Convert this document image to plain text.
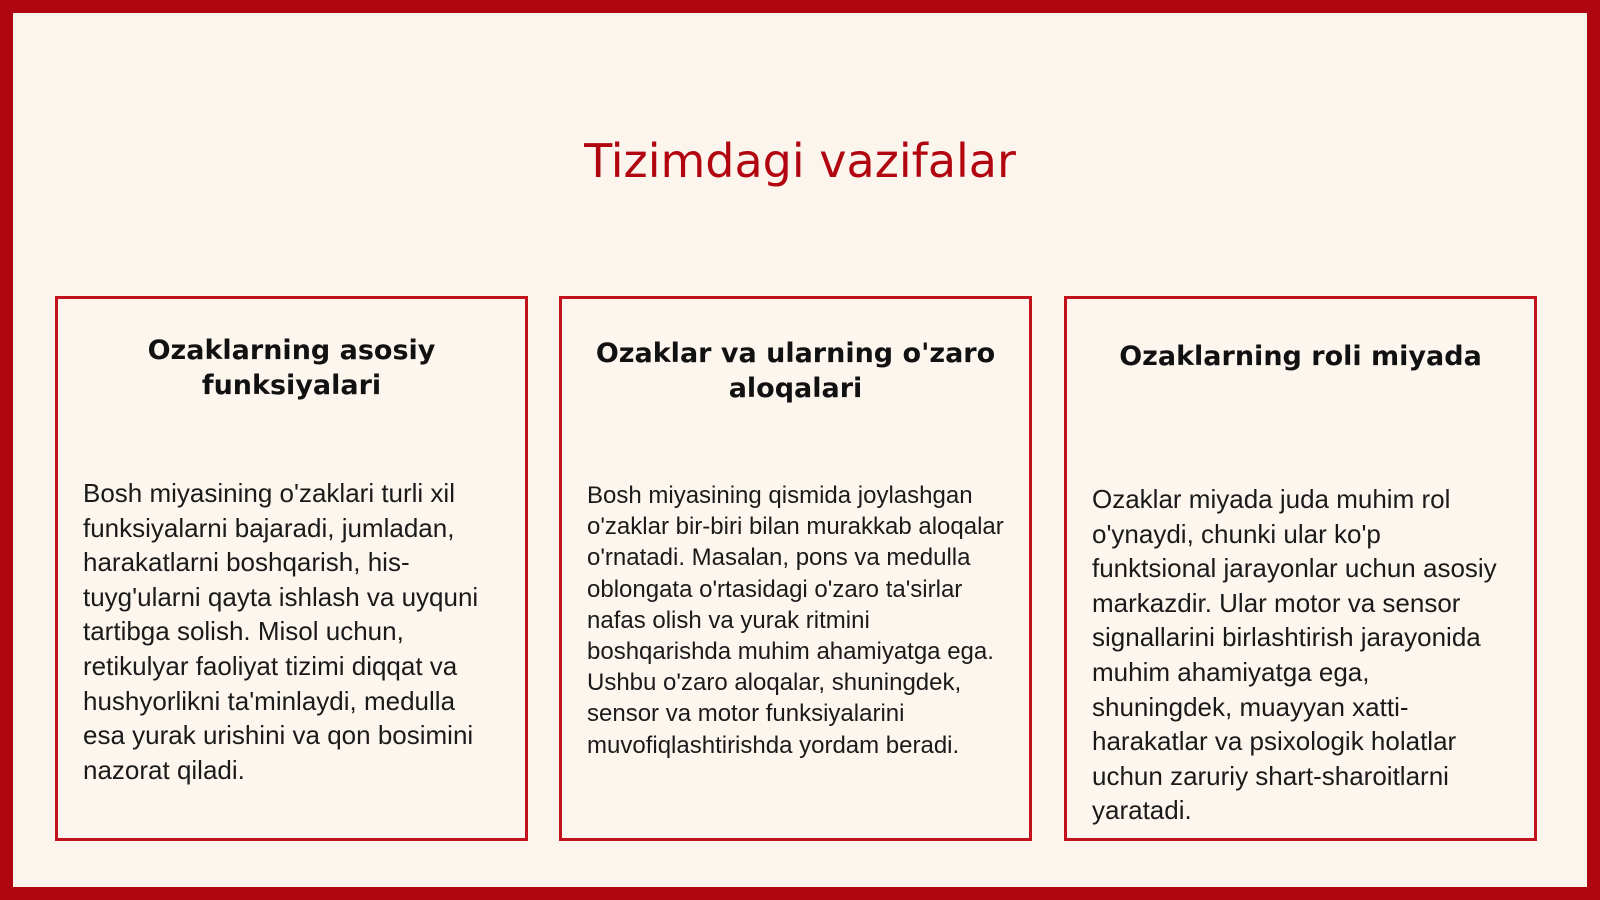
Tizimdagi vazifalar
Ozaklarning asosiy funksiyalari
Bosh miyasining o'zaklari turli xil funksiyalarni bajaradi, jumladan, harakatlarni boshqarish, his-tuyg'ularni qayta ishlash va uyquni tartibga solish. Misol uchun, retikulyar faoliyat tizimi diqqat va hushyorlikni ta'minlaydi, medulla esa yurak urishini va qon bosimini nazorat qiladi.
Ozaklar va ularning o'zaro aloqalari
Bosh miyasining qismida joylashgan o'zaklar bir-biri bilan murakkab aloqalar o'rnatadi. Masalan, pons va medulla oblongata o'rtasidagi o'zaro ta'sirlar nafas olish va yurak ritmini boshqarishda muhim ahamiyatga ega. Ushbu o'zaro aloqalar, shuningdek, sensor va motor funksiyalarini muvofiqlashtirishda yordam beradi.
Ozaklarning roli miyada
Ozaklar miyada juda muhim rol o'ynaydi, chunki ular ko'p funktsional jarayonlar uchun asosiy markazdir. Ular motor va sensor signallarini birlashtirish jarayonida muhim ahamiyatga ega, shuningdek, muayyan xatti-harakatlar va psixologik holatlar uchun zaruriy shart-sharoitlarni yaratadi.
